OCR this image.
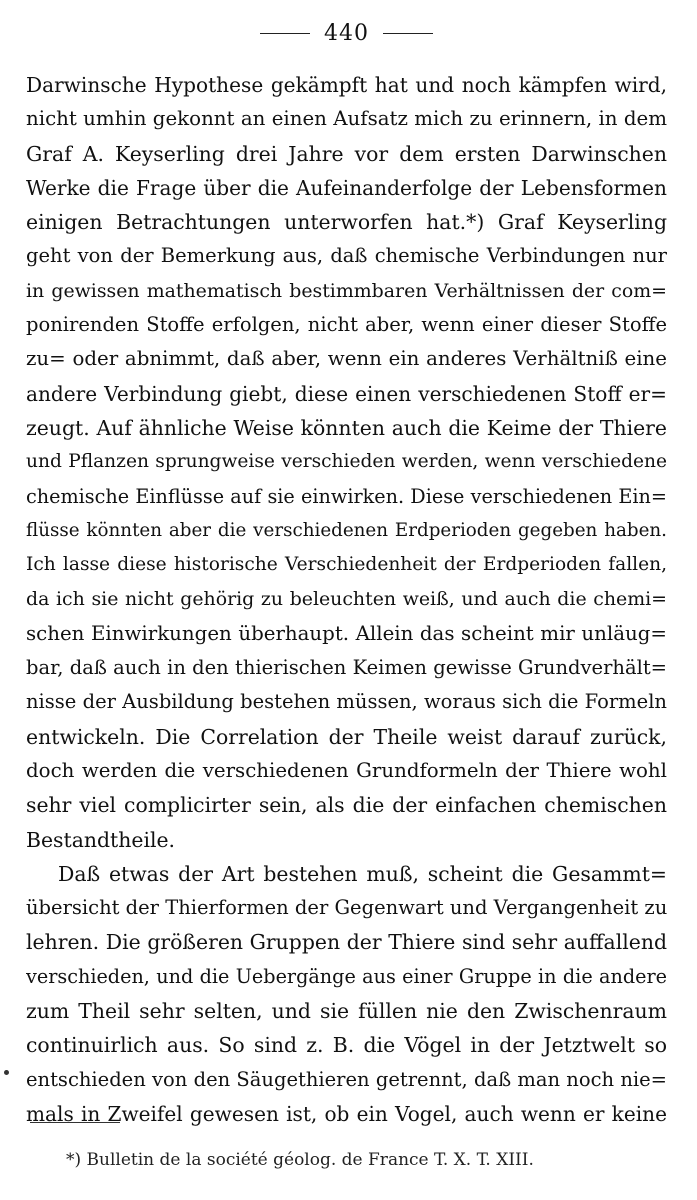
440
Darwinsche Hypothese gekämpft hat und noch kämpfen wird,
nicht umhin gekonnt an einen Aufsatz mich zu erinnern, in dem
Graf A. Keyserling drei Jahre vor dem ersten Darwinschen
Werke die Frage über die Aufeinanderfolge der Lebensformen
einigen Betrachtungen unterworfen hat.*) Graf Keyserling
geht von der Bemerkung aus, daß chemische Verbindungen nur
in gewissen mathematisch bestimmbaren Verhältnissen der com=
ponirenden Stoffe erfolgen, nicht aber, wenn einer dieser Stoffe
zu= oder abnimmt, daß aber, wenn ein anderes Verhältniß eine
andere Verbindung giebt, diese einen verschiedenen Stoff er=
zeugt. Auf ähnliche Weise könnten auch die Keime der Thiere
und Pflanzen sprungweise verschieden werden, wenn verschiedene
chemische Einflüsse auf sie einwirken. Diese verschiedenen Ein=
flüsse könnten aber die verschiedenen Erdperioden gegeben haben.
Ich lasse diese historische Verschiedenheit der Erdperioden fallen,
da ich sie nicht gehörig zu beleuchten weiß, und auch die chemi=
schen Einwirkungen überhaupt. Allein das scheint mir unläug=
bar, daß auch in den thierischen Keimen gewisse Grundverhält=
nisse der Ausbildung bestehen müssen, woraus sich die Formeln
entwickeln. Die Correlation der Theile weist darauf zurück,
doch werden die verschiedenen Grundformeln der Thiere wohl
sehr viel complicirter sein, als die der einfachen chemischen
Bestandtheile.
Daß etwas der Art bestehen muß, scheint die Gesammt=
übersicht der Thierformen der Gegenwart und Vergangenheit zu
lehren. Die größeren Gruppen der Thiere sind sehr auffallend
verschieden, und die Uebergänge aus einer Gruppe in die andere
zum Theil sehr selten, und sie füllen nie den Zwischenraum
continuirlich aus. So sind z. B. die Vögel in der Jetztwelt so
entschieden von den Säugethieren getrennt, daß man noch nie=
mals in Zweifel gewesen ist, ob ein Vogel, auch wenn er keine
*) Bulletin de la société géolog. de France T. X. T. XIII.
